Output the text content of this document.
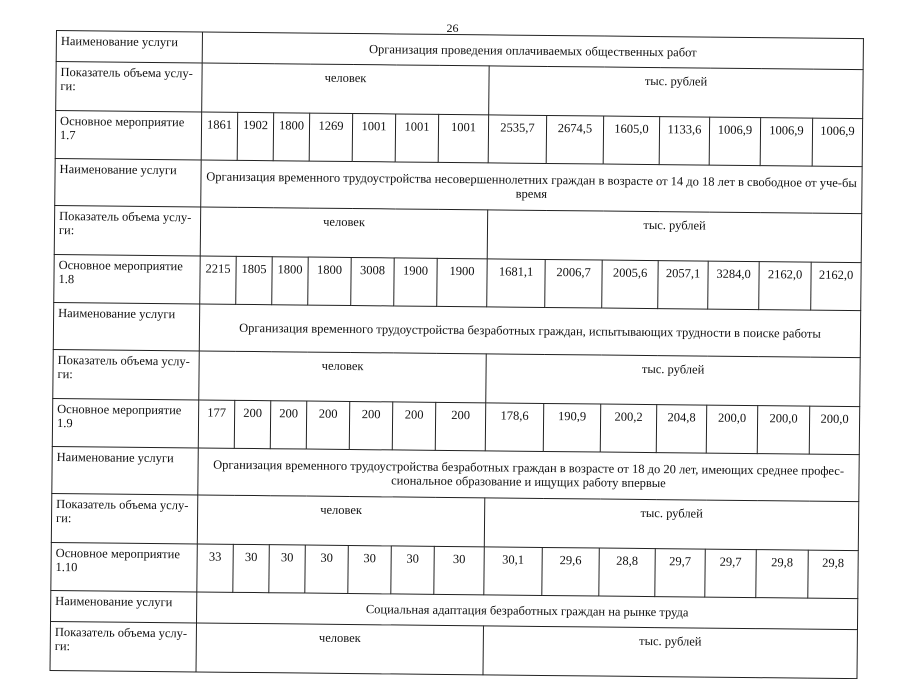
26
Наименование услуги	Организация проведения оплачиваемых общественных работ													
Показатель объема услу-ги:	человек							тыс. рублей						
Основное мероприятие 1.7	1861	1902	1800	1269	1001	1001	1001	2535,7	2674,5	1605,0	1133,6	1006,9	1006,9	1006,9
Наименование услуги	Организация временного трудоустройства несовершеннолетних граждан в возрасте от 14 до 18 лет в свободное от уче-бы время													
Показатель объема услу-ги:	человек							тыс. рублей						
Основное мероприятие 1.8	2215	1805	1800	1800	3008	1900	1900	1681,1	2006,7	2005,6	2057,1	3284,0	2162,0	2162,0
Наименование услуги	Организация временного трудоустройства безработных граждан, испытывающих трудности в поиске работы													
Показатель объема услу-ги:	человек							тыс. рублей						
Основное мероприятие 1.9	177	200	200	200	200	200	200	178,6	190,9	200,2	204,8	200,0	200,0	200,0
Наименование услуги	Организация временного трудоустройства безработных граждан в возрасте от 18 до 20 лет, имеющих среднее профес-сиональное образование и ищущих работу впервые													
Показатель объема услу-ги:	человек							тыс. рублей						
Основное мероприятие 1.10	33	30	30	30	30	30	30	30,1	29,6	28,8	29,7	29,7	29,8	29,8
Наименование услуги	Социальная адаптация безработных граждан на рынке труда													
Показатель объема услу-ги:	человек							тыс. рублей						
